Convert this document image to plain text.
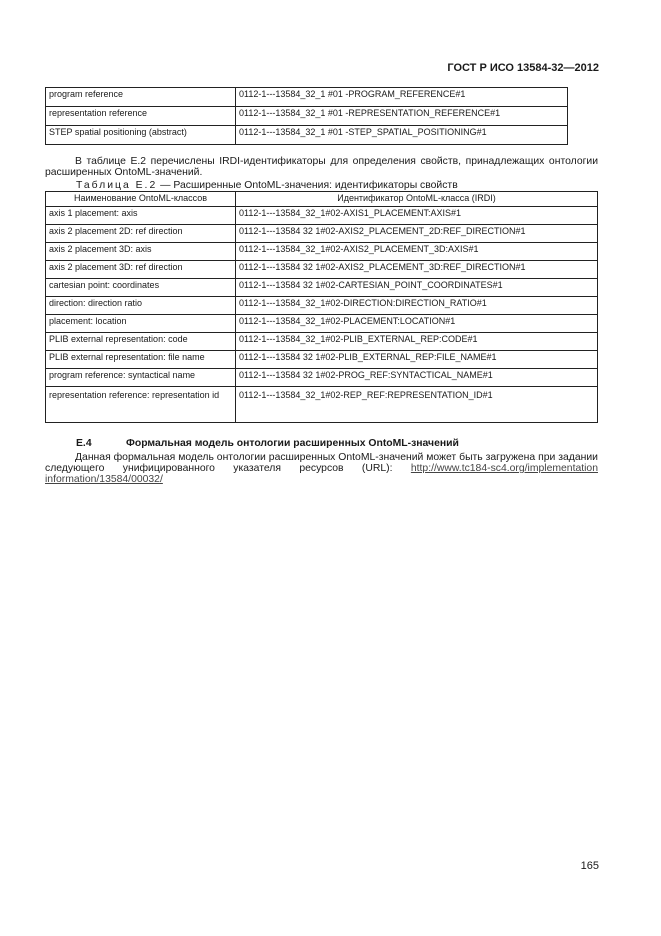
ГОСТ Р ИСО 13584-32—2012
program reference	0112-1---13584_32_1 #01 -PROGRAM_REFERENCE#1
representation reference	0112-1---13584_32_1 #01 -REPRESENTATION_REFERENCE#1
STEP spatial positioning (abstract)	0112-1---13584_32_1 #01 -STEP_SPATIAL_POSITIONING#1
В таблице Е.2 перечислены IRDI-идентификаторы для определения свойств, принадлежащих онтологии расширенных OntoML-значений.
Таблица Е.2 — Расширенные OntoML-значения: идентификаторы свойств
Наименование OntoML-классов	Идентификатор OntoML-класса (IRDI)
axis 1 placement: axis	0112-1---13584_32_1#02-AXIS1_PLACEMENT:AXIS#1
axis 2 placement 2D: ref direction	0112-1---13584 32 1#02-AXIS2_PLACEMENT_2D:REF_DIRECTION#1
axis 2 placement 3D: axis	0112-1---13584_32_1#02-AXIS2_PLACEMENT_3D:AXIS#1
axis 2 placement 3D: ref direction	0112-1---13584 32 1#02-AXIS2_PLACEMENT_3D:REF_DIRECTION#1
cartesian point: coordinates	0112-1---13584 32 1#02-CARTESIAN_POINT_COORDINATES#1
direction: direction ratio	0112-1---13584_32_1#02-DIRECTION:DIRECTION_RATIO#1
placement: location	0112-1---13584_32_1#02-PLACEMENT:LOCATION#1
PLIB external representation: code	0112-1---13584_32_1#02-PLIB_EXTERNAL_REP:CODE#1
PLIB external representation: file name	0112-1---13584 32 1#02-PLIB_EXTERNAL_REP:FILE_NAME#1
program reference: syntactical name	0112-1---13584 32 1#02-PROG_REF:SYNTACTICAL_NAME#1
representation reference: representation id	0112-1---13584_32_1#02-REP_REF:REPRESENTATION_ID#1
E.4	Формальная модель онтологии расширенных OntoML-значений
Данная формальная модель онтологии расширенных OntoML-значений может быть загружена при задании следующего унифицированного указателя ресурсов (URL): http://www.tc184-sc4.org/implementation information/13584/00032/
165
